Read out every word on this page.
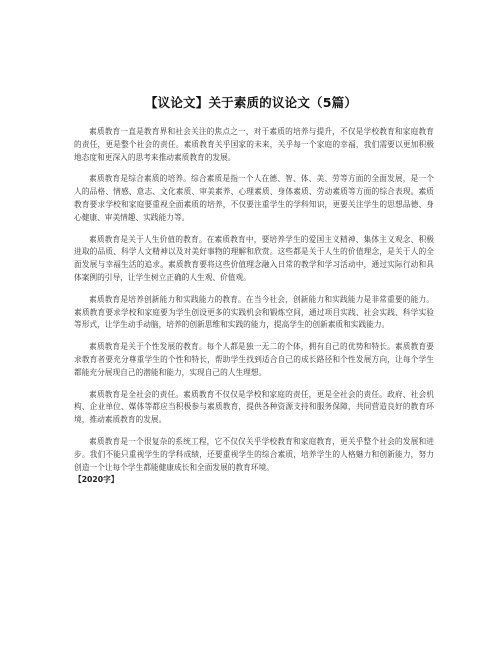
【议论文】关于素质的议论文（5篇）

素质教育一直是教育界和社会关注的焦点之一，对于素质的培养与提升，不仅是学校教育和家庭教育的责任，更是整个社会的责任。素质教育关乎国家的未来，关乎每一个家庭的幸福，我们需要以更加积极地态度和更深入的思考来推动素质教育的发展。

素质教育是综合素质的培养。综合素质是指一个人在德、智、体、美、劳等方面的全面发展，是一个人的品格、情感、意志、文化素质、审美素养、心理素质、身体素质、劳动素质等方面的综合表现。素质教育要求学校和家庭要重视全面素质的培养，不仅要注重学生的学科知识，更要关注学生的思想品德、身心健康、审美情趣、实践能力等。

素质教育是关于人生价值的教育。在素质教育中，要培养学生的爱国主义精神、集体主义观念、积极进取的品质、科学人文精神以及对美好事物的理解和欣赏。这些都是关于人生的价值理念，是关于人的全面发展与幸福生活的追求。素质教育要将这些价值理念融入日常的教学和学习活动中，通过实际行动和具体案例的引导，让学生树立正确的人生观、价值观。

素质教育是培养创新能力和实践能力的教育。在当今社会，创新能力和实践能力是非常重要的能力。素质教育要求学校和家庭要为学生创设更多的实践机会和锻炼空间，通过项目实践、社会实践、科学实验等形式，让学生动手动脑，培养的创新思维和实践的能力，提高学生的创新素质和实践能力。

素质教育是关于个性发展的教育。每个人都是独一无二的个体，拥有自己的优势和特长。素质教育要求教育者要充分尊重学生的个性和特长，帮助学生找到适合自己的成长路径和个性发展方向，让每个学生都能充分展现自己的潜能和能力，实现自己的人生理想。

素质教育是全社会的责任。素质教育不仅仅是学校和家庭的责任，更是全社会的责任。政府、社会机构、企业单位、媒体等都应当积极参与素质教育，提供各种资源支持和服务保障，共同营造良好的教育环境，推动素质教育的发展。

素质教育是一个很复杂的系统工程，它不仅仅关乎学校教育和家庭教育，更关乎整个社会的发展和进步。我们不能只重视学生的学科成绩，还要重视学生的综合素质，培养学生的人格魅力和创新能力，努力创造一个让每个学生都能健康成长和全面发展的教育环境。

【2020字】
